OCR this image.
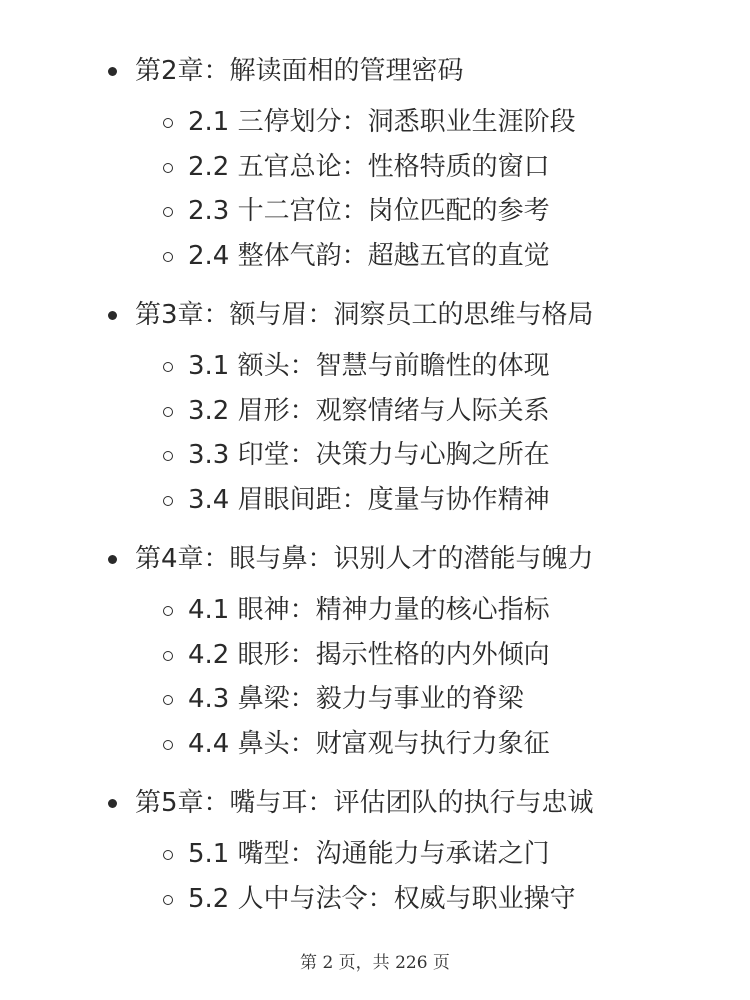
第2章：解读面相的管理密码
2.1 三停划分：洞悉职业生涯阶段
2.2 五官总论：性格特质的窗口
2.3 十二宫位：岗位匹配的参考
2.4 整体气韵：超越五官的直觉
第3章：额与眉：洞察员工的思维与格局
3.1 额头：智慧与前瞻性的体现
3.2 眉形：观察情绪与人际关系
3.3 印堂：决策力与心胸之所在
3.4 眉眼间距：度量与协作精神
第4章：眼与鼻：识别人才的潜能与魄力
4.1 眼神：精神力量的核心指标
4.2 眼形：揭示性格的内外倾向
4.3 鼻梁：毅力与事业的脊梁
4.4 鼻头：财富观与执行力象征
第5章：嘴与耳：评估团队的执行与忠诚
5.1 嘴型：沟通能力与承诺之门
5.2 人中与法令：权威与职业操守
第 2 页，共 226 页
